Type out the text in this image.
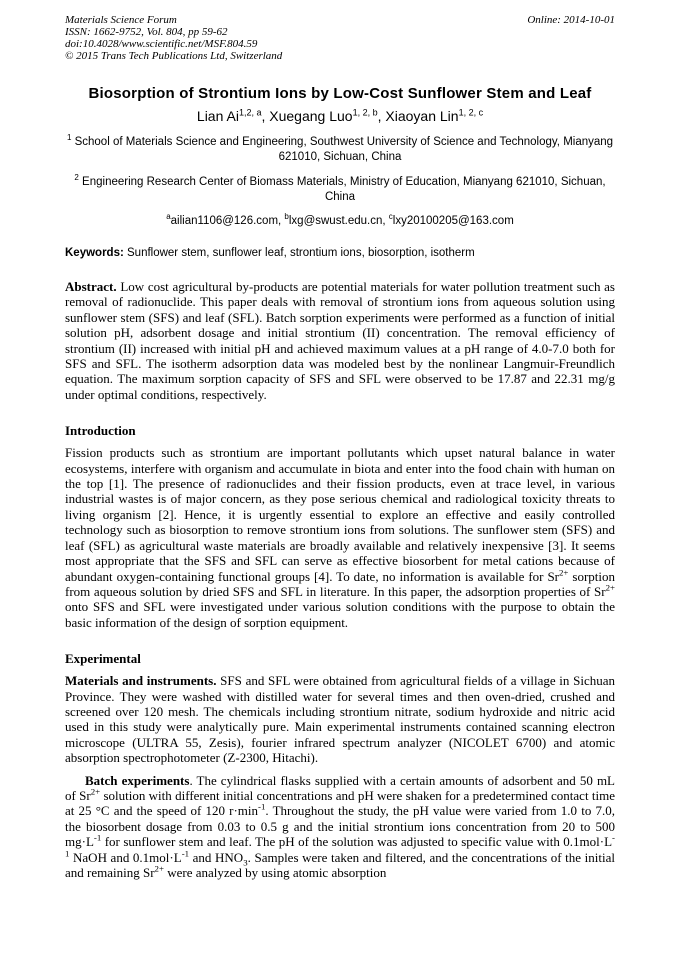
Materials Science Forum
ISSN: 1662-9752, Vol. 804, pp 59-62
doi:10.4028/www.scientific.net/MSF.804.59
© 2015 Trans Tech Publications Ltd, Switzerland
Online: 2014-10-01
Biosorption of Strontium Ions by Low-Cost Sunflower Stem and Leaf
Lian Ai$^{1,2, a}$, Xuegang Luo$^{1, 2, b}$, Xiaoyan Lin$^{1, 2, c}$
$^1$ School of Materials Science and Engineering, Southwest University of Science and Technology, Mianyang 621010, Sichuan, China
$^2$ Engineering Research Center of Biomass Materials, Ministry of Education, Mianyang 621010, Sichuan, China
$^a$ailian1106@126.com, $^b$lxg@swust.edu.cn, $^c$lxy20100205@163.com
Keywords: Sunflower stem, sunflower leaf, strontium ions, biosorption, isotherm

Abstract. Low cost agricultural by-products are potential materials for water pollution treatment such as removal of radionuclide. This paper deals with removal of strontium ions from aqueous solution using sunflower stem (SFS) and leaf (SFL). Batch sorption experiments were performed as a function of initial solution pH, adsorbent dosage and initial strontium (II) concentration. The removal efficiency of strontium (II) increased with initial pH and achieved maximum values at a pH range of 4.0-7.0 both for SFS and SFL. The isotherm adsorption data was modeled best by the nonlinear Langmuir-Freundlich equation. The maximum sorption capacity of SFS and SFL were observed to be 17.87 and 22.31 mg/g under optimal conditions, respectively.

Introduction

Fission products such as strontium are important pollutants which upset natural balance in water ecosystems, interfere with organism and accumulate in biota and enter into the food chain with human on the top [1]. The presence of radionuclides and their fission products, even at trace level, in various industrial wastes is of major concern, as they pose serious chemical and radiological toxicity threats to living organism [2]. Hence, it is urgently essential to explore an effective and easily controlled technology such as biosorption to remove strontium ions from solutions. The sunflower stem (SFS) and leaf (SFL) as agricultural waste materials are broadly available and relatively inexpensive [3]. It seems most appropriate that the SFS and SFL can serve as effective biosorbent for metal cations because of abundant oxygen-containing functional groups [4]. To date, no information is available for $Sr^{2+}$ sorption from aqueous solution by dried SFS and SFL in literature. In this paper, the adsorption properties of $Sr^{2+}$ onto SFS and SFL were investigated under various solution conditions with the purpose to obtain the basic information of the design of sorption equipment.

Experimental

Materials and instruments. SFS and SFL were obtained from agricultural fields of a village in Sichuan Province. They were washed with distilled water for several times and then oven-dried, crushed and screened over 120 mesh. The chemicals including strontium nitrate, sodium hydroxide and nitric acid used in this study were analytically pure. Main experimental instruments contained scanning electron microscope (ULTRA 55, Zesis), fourier infrared spectrum analyzer (NICOLET 6700) and atomic absorption spectrophotometer (Z-2300, Hitachi).

Batch experiments. The cylindrical flasks supplied with a certain amounts of adsorbent and 50 mL of $Sr^{2+}$ solution with different initial concentrations and pH were shaken for a predetermined contact time at 25 °C and the speed of 120 $r\cdot\min^{-1}$. Throughout the study, the pH value were varied from 1.0 to 7.0, the biosorbent dosage from 0.03 to 0.5 g and the initial strontium ions concentration from 20 to 500 $mg\cdot L^{-1}$ for sunflower stem and leaf. The pH of the solution was adjusted to specific value with $0.1mol\cdot L^{-1}$ NaOH and $0.1mol\cdot L^{-1}$ and $HNO_3$. Samples were taken and filtered, and the concentrations of the initial and remaining $Sr^{2+}$ were analyzed by using atomic absorption
